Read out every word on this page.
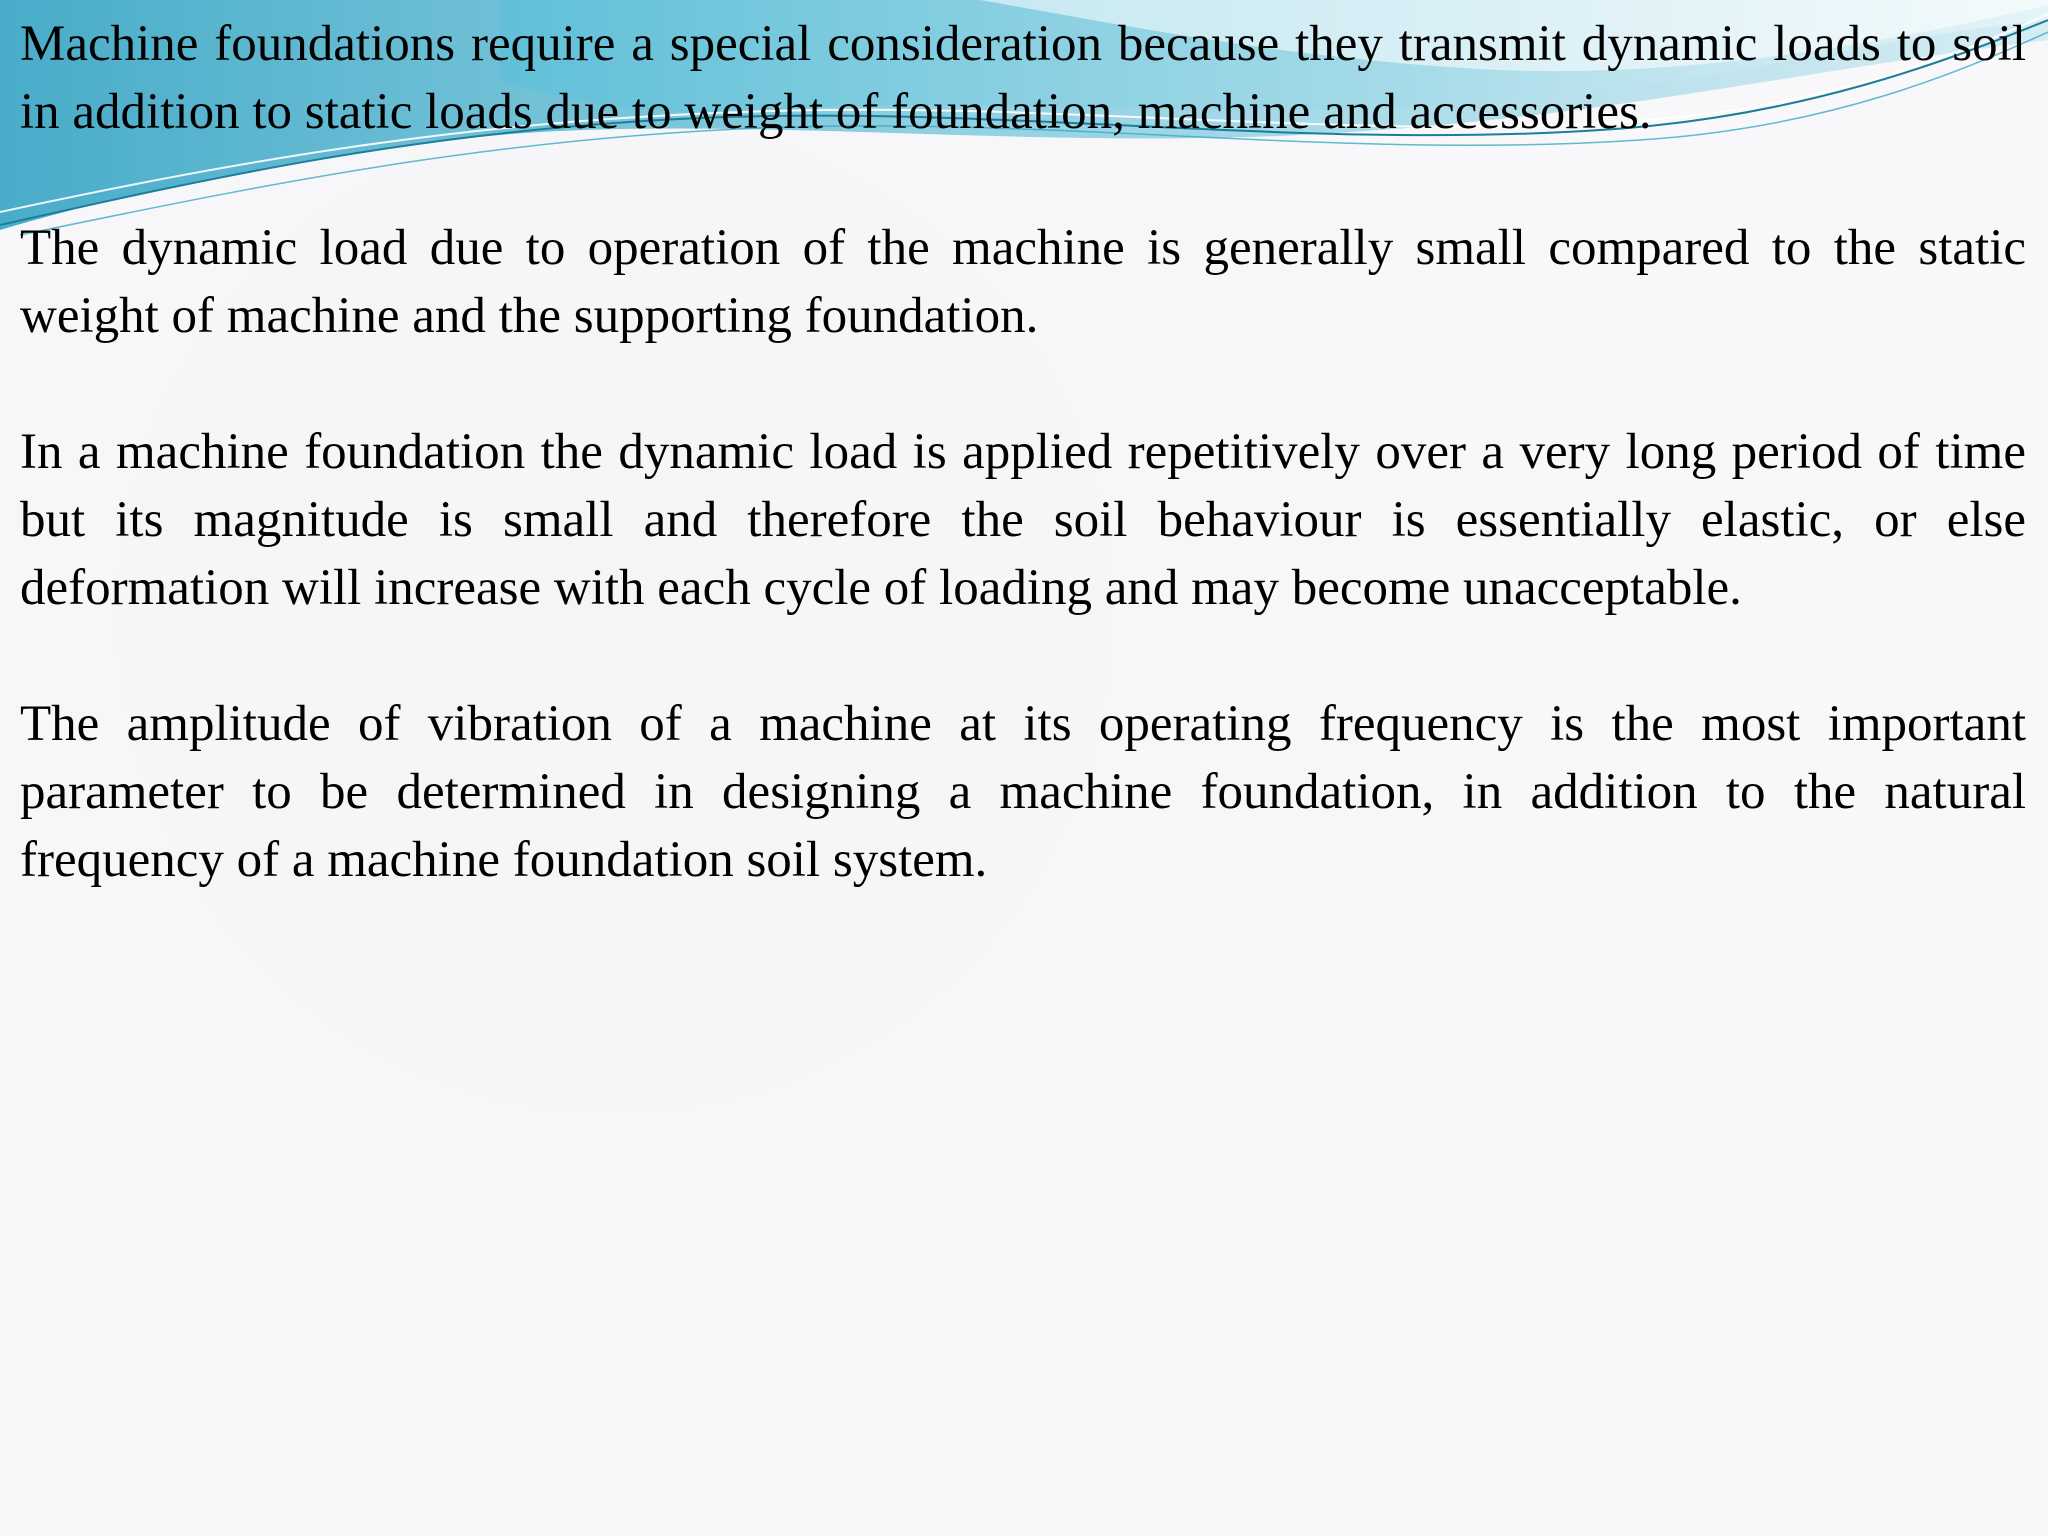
Machine foundations require a special consideration because they transmit dynamic loads to soil in addition to static loads due to weight of foundation, machine and accessories.

The dynamic load due to operation of the machine is generally small compared to the static weight of machine and the supporting foundation.

In a machine foundation the dynamic load is applied repetitively over a very long period of time but its magnitude is small and therefore the soil behaviour is essentially elastic, or else deformation will increase with each cycle of loading and may become unacceptable.

The amplitude of vibration of a machine at its operating frequency is the most important
parameter to be determined in designing a machine foundation, in addition to the natural frequency of a machine foundation soil system.
